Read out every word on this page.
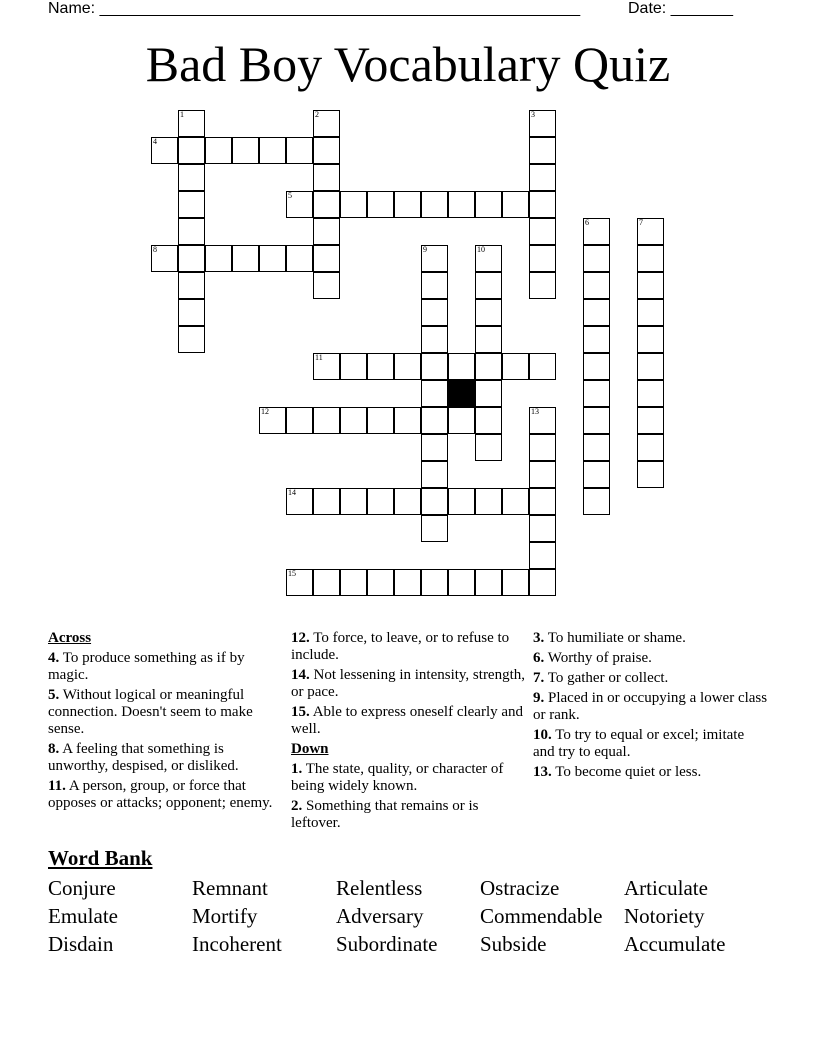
Name: ______________________________________________________	Date: _______
Bad Boy Vocabulary Quiz
1	2	3
4
5
6	7
8	9	10
11
12	13
14
15
Across
4. To produce something as if by magic.
5. Without logical or meaningful connection. Doesn't seem to make sense.
8. A feeling that something is unworthy, despised, or disliked.
11. A person, group, or force that opposes or attacks; opponent; enemy.
12. To force, to leave, or to refuse to include.
14. Not lessening in intensity, strength, or pace.
15. Able to express oneself clearly and well.
Down
1. The state, quality, or character of being widely known.
2. Something that remains or is leftover.
3. To humiliate or shame.
6. Worthy of praise.
7. To gather or collect.
9. Placed in or occupying a lower class or rank.
10. To try to equal or excel; imitate and try to equal.
13. To become quiet or less.
Word Bank
Conjure	Remnant	Relentless	Ostracize	Articulate
Emulate	Mortify	Adversary	Commendable Notoriety
Disdain	Incoherent	Subordinate Subside	Accumulate
